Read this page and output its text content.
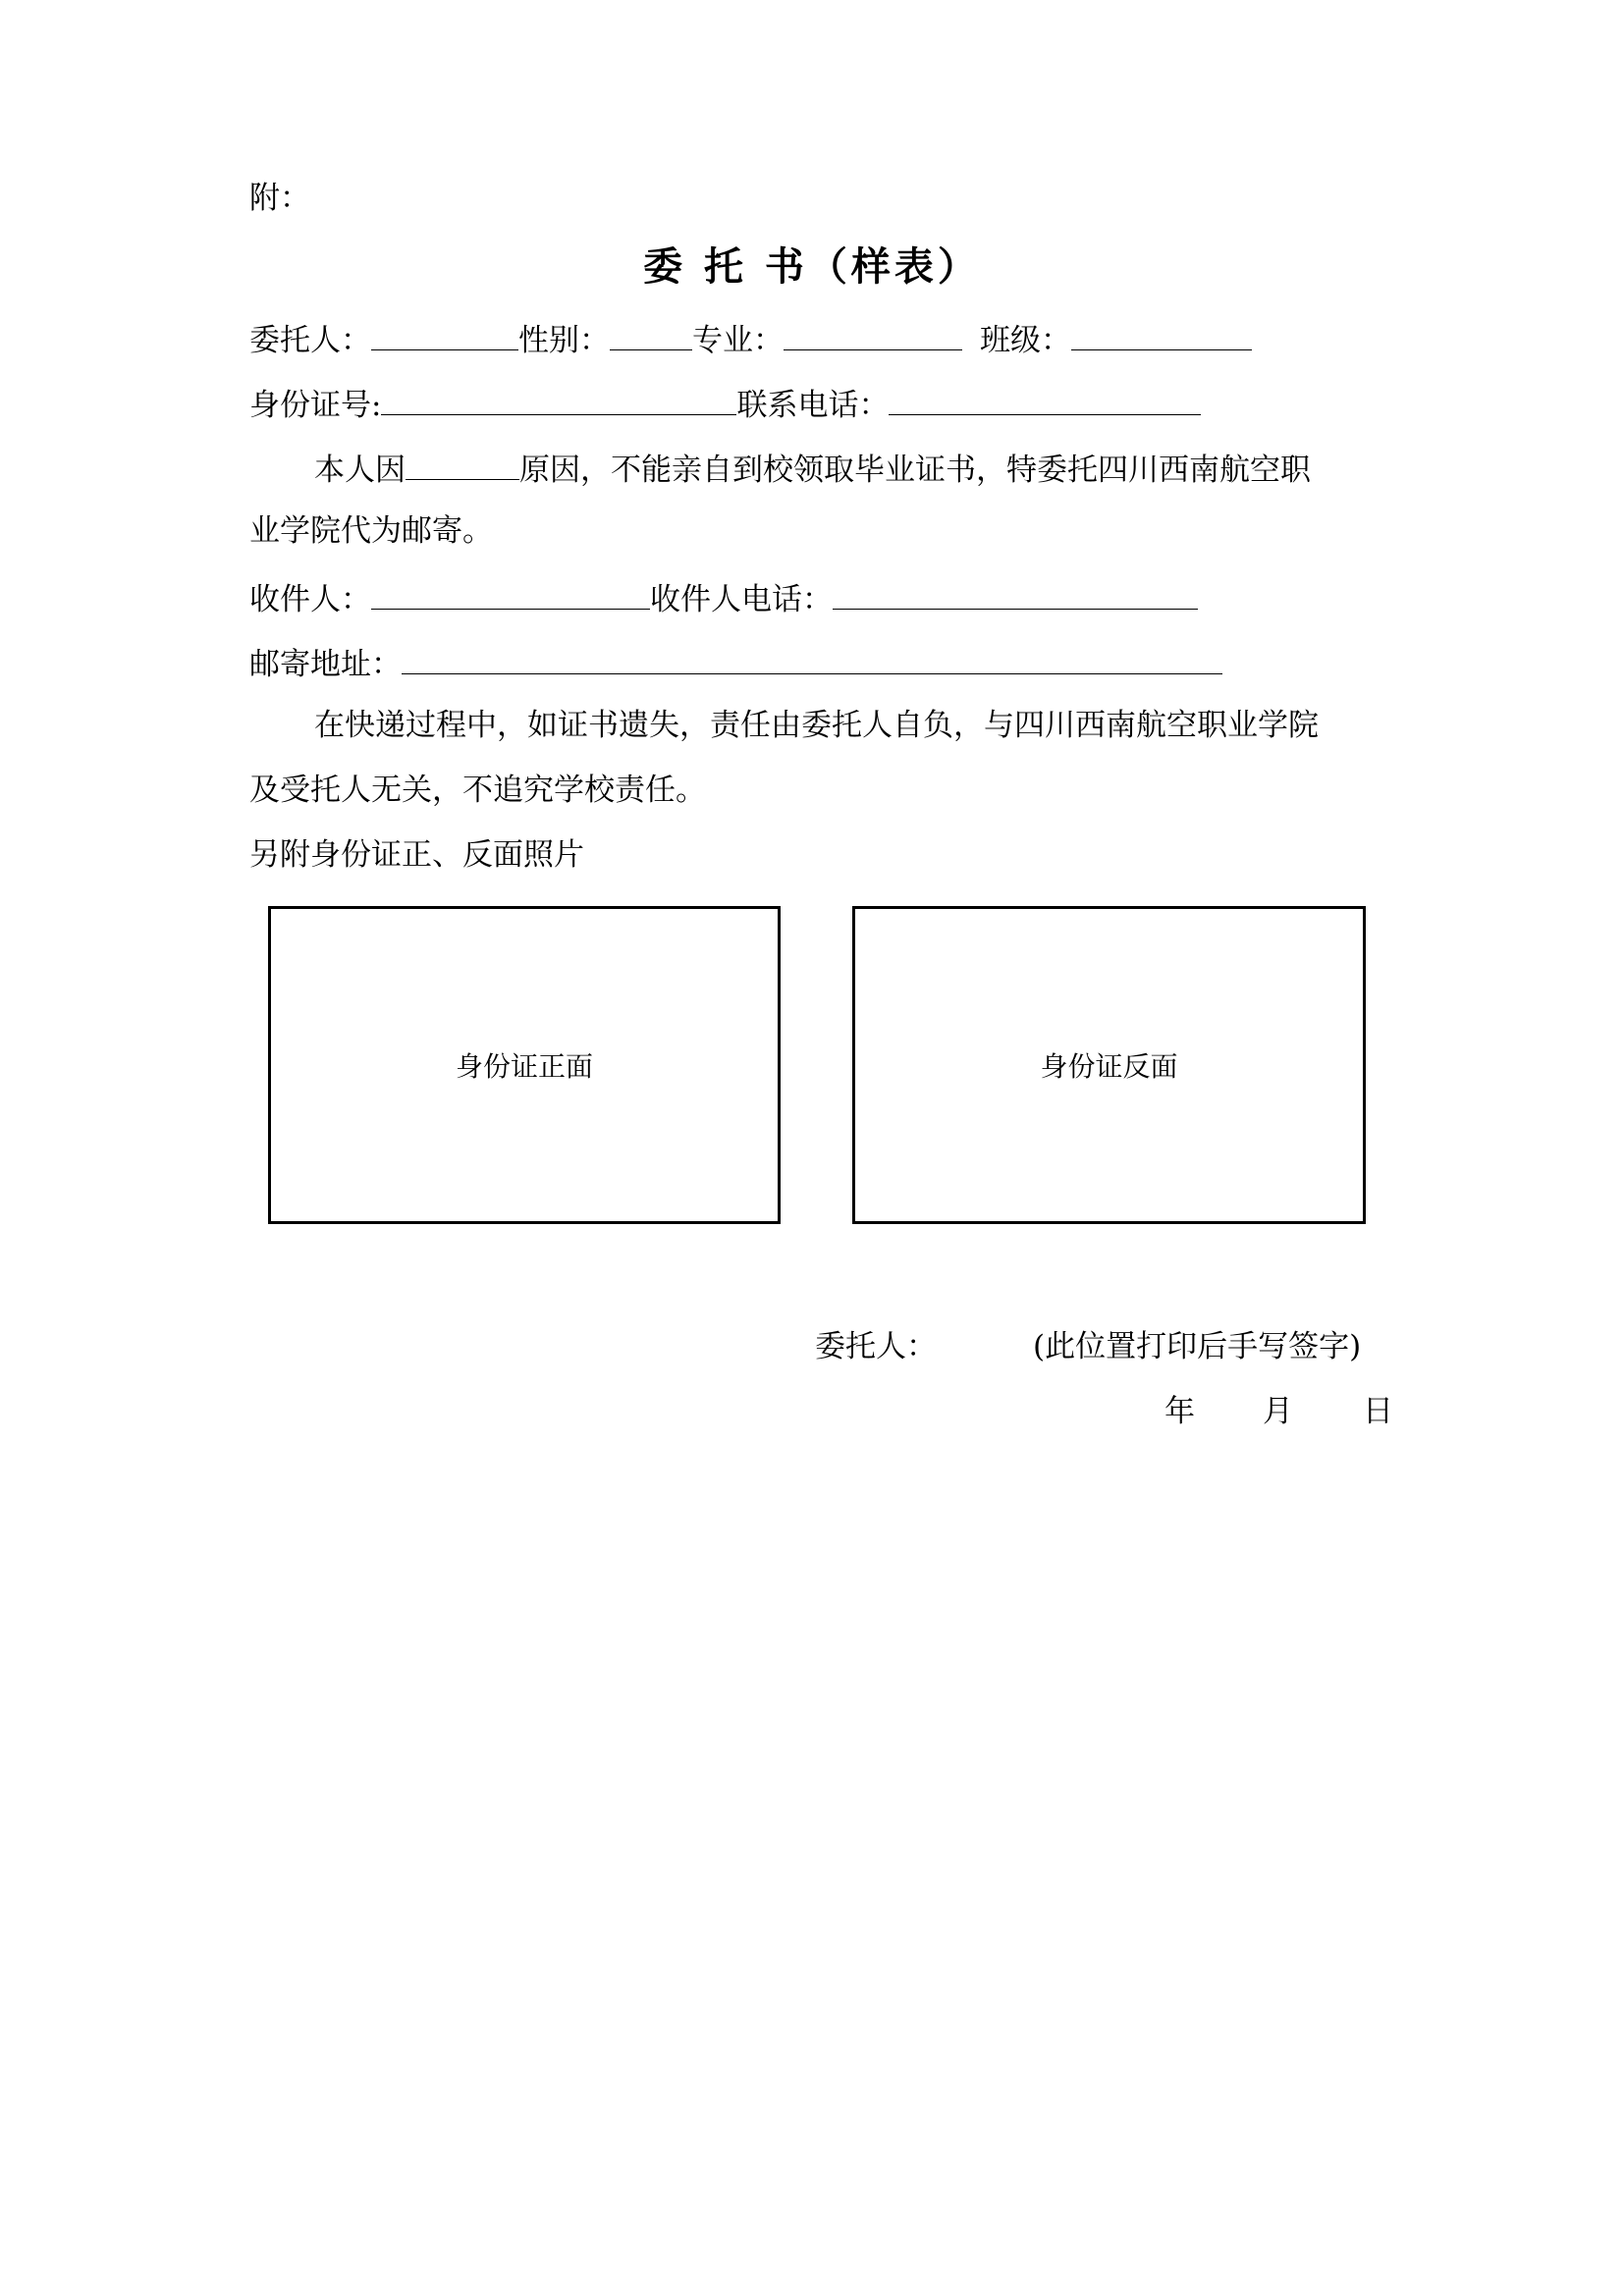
附：
委 托 书（样表）
委托人：	性别：	专业：	班级：
身份证号:	联系电话：
本人因	原因，不能亲自到校领取毕业证书，特委托四川西南航空职
业学院代为邮寄。
收件人：	收件人电话：
邮寄地址：
在快递过程中，如证书遗失，责任由委托人自负，与四川西南航空职业学院
及受托人无关，不追究学校责任。
另附身份证正、反面照片
身份证正面	身份证反面
委托人：	(此位置打印后手写签字)
年 月 日
